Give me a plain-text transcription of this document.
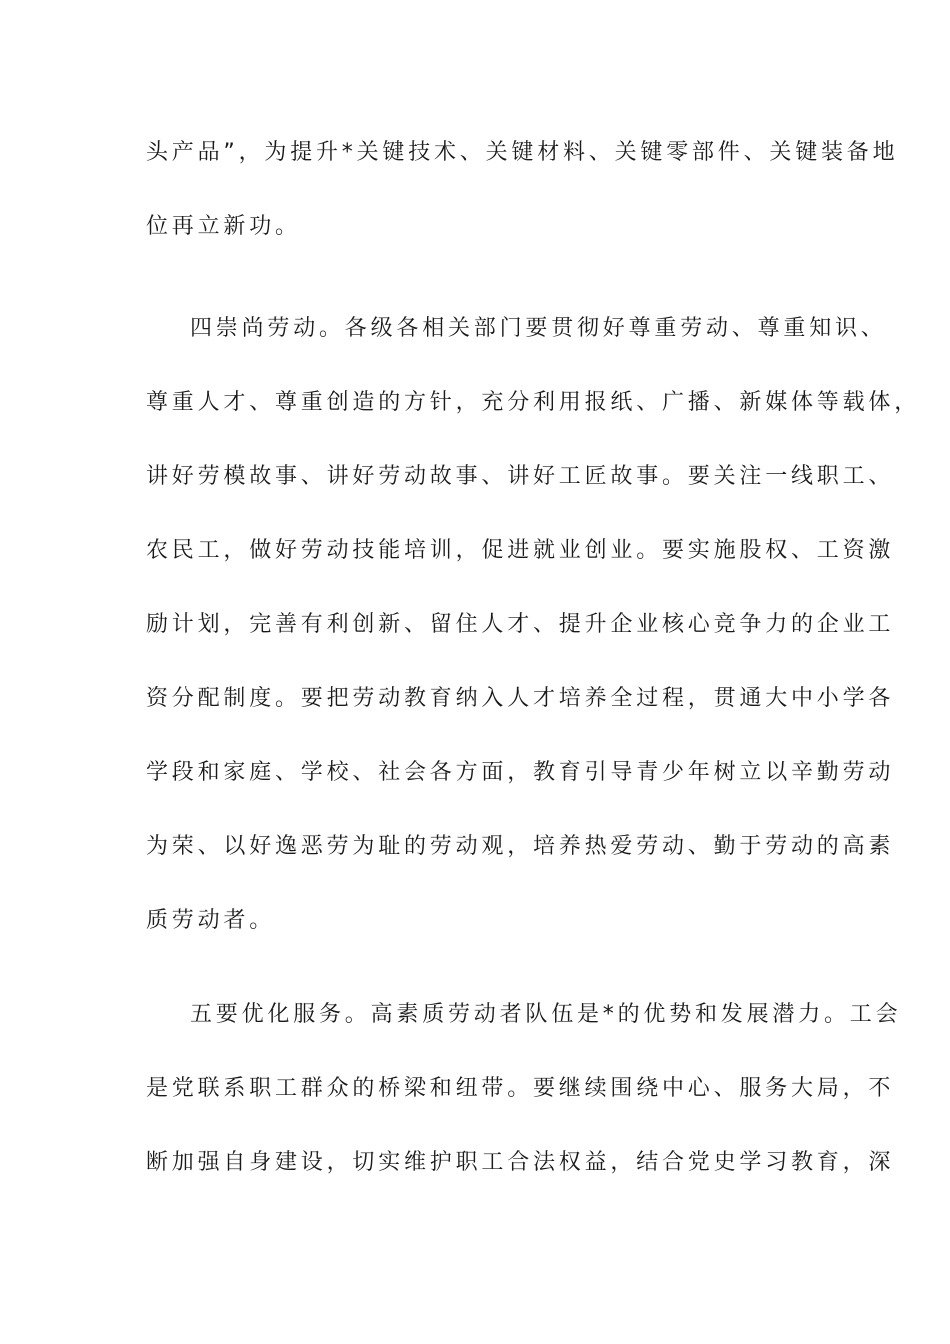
头产品”，为提升*关键技术、关键材料、关键零部件、关键装备地
位再立新功。
四崇尚劳动。各级各相关部门要贯彻好尊重劳动、尊重知识、
尊重人才、尊重创造的方针，充分利用报纸、广播、新媒体等载体，
讲好劳模故事、讲好劳动故事、讲好工匠故事。要关注一线职工、
农民工，做好劳动技能培训，促进就业创业。要实施股权、工资激
励计划，完善有利创新、留住人才、提升企业核心竞争力的企业工
资分配制度。要把劳动教育纳入人才培养全过程，贯通大中小学各
学段和家庭、学校、社会各方面，教育引导青少年树立以辛勤劳动
为荣、以好逸恶劳为耻的劳动观，培养热爱劳动、勤于劳动的高素
质劳动者。
五要优化服务。高素质劳动者队伍是*的优势和发展潜力。工会
是党联系职工群众的桥梁和纽带。要继续围绕中心、服务大局，不
断加强自身建设，切实维护职工合法权益，结合党史学习教育，深
